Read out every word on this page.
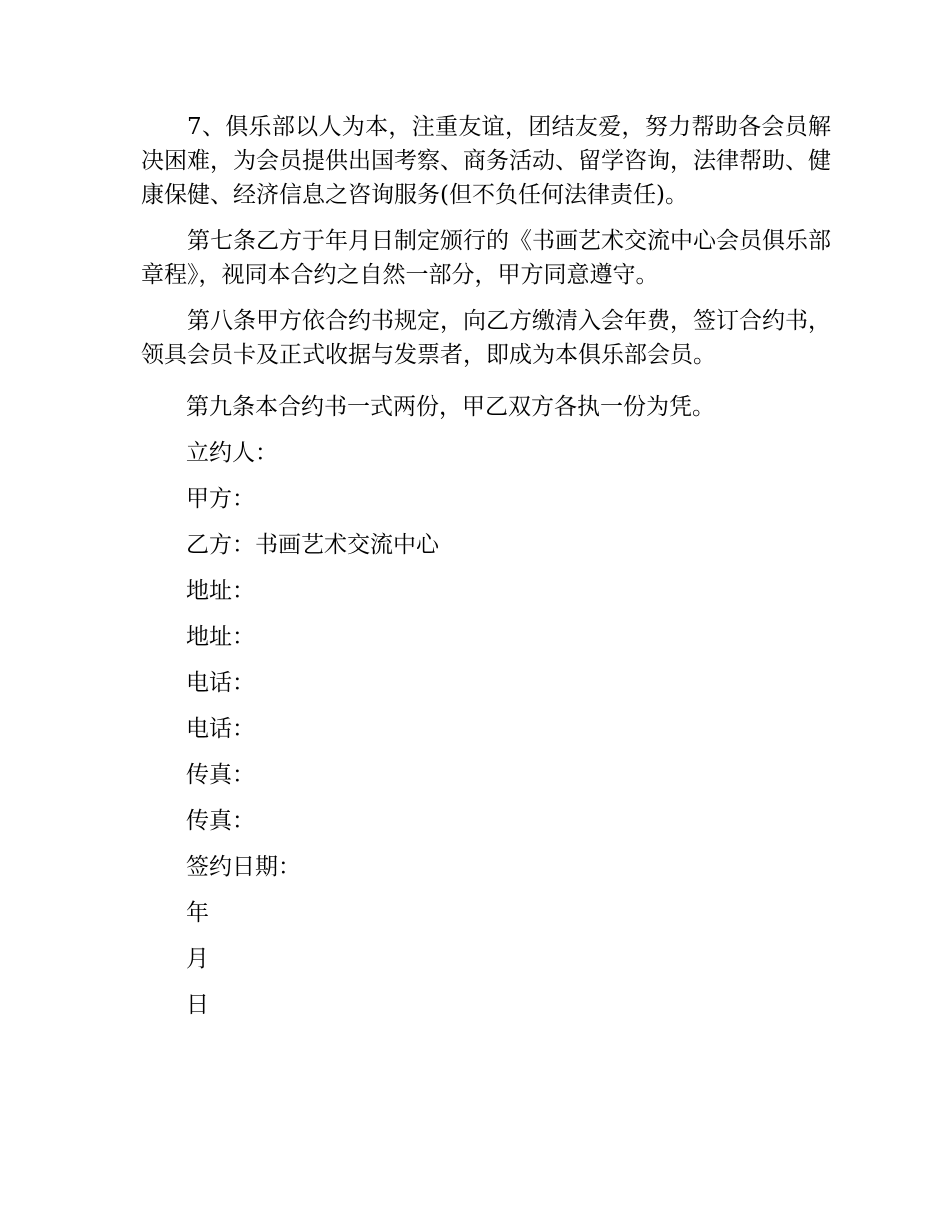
7、俱乐部以人为本，注重友谊，团结友爱，努力帮助各会员解决困难，为会员提供出国考察、商务活动、留学咨询，法律帮助、健康保健、经济信息之咨询服务(但不负任何法律责任)。

第七条乙方于年月日制定颁行的《书画艺术交流中心会员俱乐部章程》，视同本合约之自然一部分，甲方同意遵守。

第八条甲方依合约书规定，向乙方缴清入会年费，签订合约书，领具会员卡及正式收据与发票者，即成为本俱乐部会员。

第九条本合约书一式两份，甲乙双方各执一份为凭。

立约人：

甲方：

乙方：书画艺术交流中心

地址：

地址：

电话：

电话：

传真：

传真：

签约日期：

年

月

日
